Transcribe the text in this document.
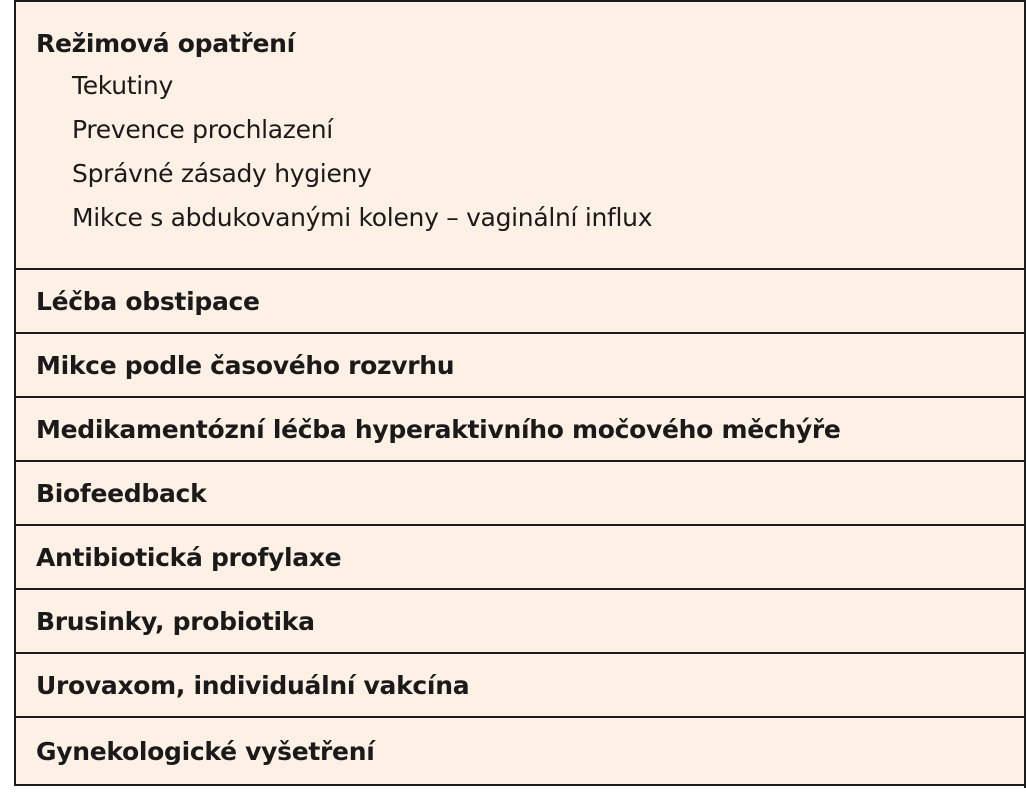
Režimová opatření
Tekutiny
Prevence prochlazení
Správné zásady hygieny
Mikce s abdukovanými koleny – vaginální influx
Léčba obstipace
Mikce podle časového rozvrhu
Medikamentózní léčba hyperaktivního močového měchýře
Biofeedback
Antibiotická profylaxe
Brusinky, probiotika
Urovaxom, individuální vakcína
Gynekologické vyšetření
